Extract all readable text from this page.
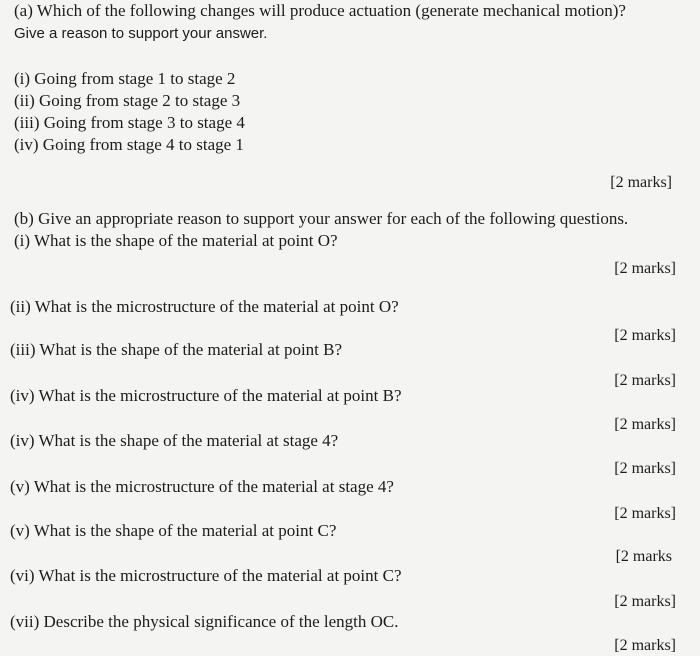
(a) Which of the following changes will produce actuation (generate mechanical motion)?
Give a reason to support your answer.
(i) Going from stage 1 to stage 2
(ii) Going from stage 2 to stage 3
(iii) Going from stage 3 to stage 4
(iv) Going from stage 4 to stage 1
[2 marks]
(b) Give an appropriate reason to support your answer for each of the following questions.
(i) What is the shape of the material at point O?
[2 marks]
(ii) What is the microstructure of the material at point O?
[2 marks]
(iii) What is the shape of the material at point B?
[2 marks]
(iv) What is the microstructure of the material at point B?
[2 marks]
(iv) What is the shape of the material at stage 4?
[2 marks]
(v) What is the microstructure of the material at stage 4?
[2 marks]
(v) What is the shape of the material at point C?
[2 marks
(vi) What is the microstructure of the material at point C?
[2 marks]
(vii) Describe the physical significance of the length OC.
[2 marks]
